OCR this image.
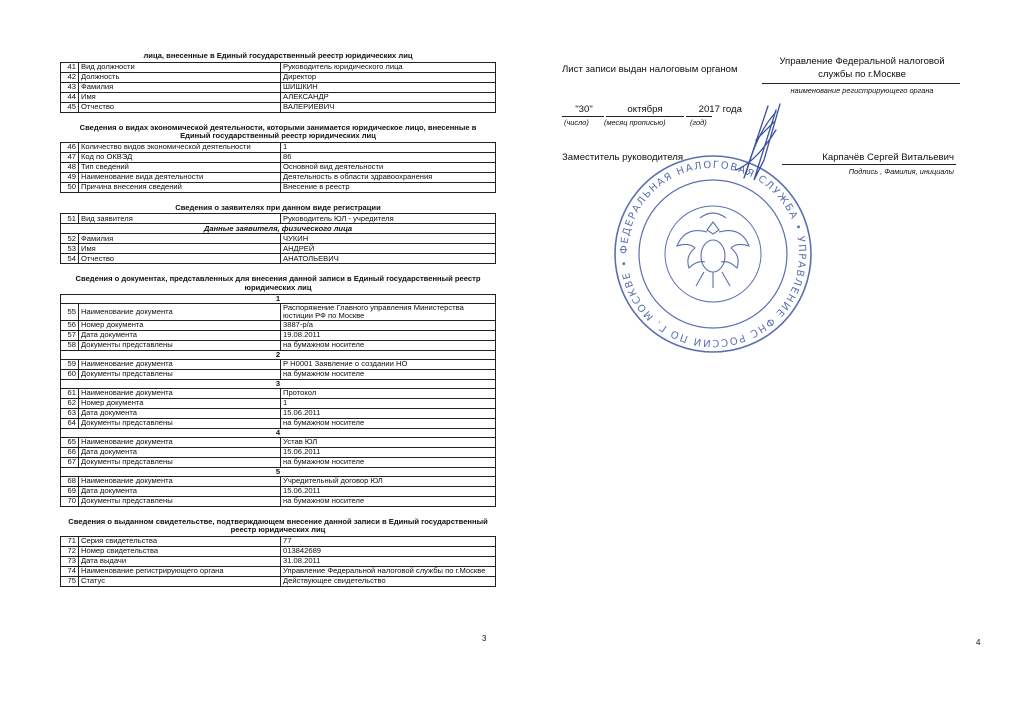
лица, внесенные в Единый государственный реестр юридических лиц
41	Вид должности	Руководитель юридического лица
42	Должность	Директор
43	Фамилия	ШИШКИН
44	Имя	АЛЕКСАНДР
45	Отчество	ВАЛЕРИЕВИЧ
Сведения о видах экономической деятельности, которыми занимается юридическое лицо, внесенные в Единый государственный реестр юридических лиц
46	Количество видов экономической деятельности	1
47	Код по ОКВЭД	86
48	Тип сведений	Основной вид деятельности
49	Наименование вида деятельности	Деятельность в области здравоохранения
50	Причина внесения сведений	Внесение в реестр
Сведения о заявителях при данном виде регистрации
51	Вид заявителя	Руководитель ЮЛ - учредителя
Данные заявителя, физического лица		
52	Фамилия	ЧУКИН
53	Имя	АНДРЕЙ
54	Отчество	АНАТОЛЬЕВИЧ
Сведения о документах, представленных для внесения данной записи в Единый государственный реестр юридических лиц
1		
55	Наименование документа	Распоряжение Главного управления Министерства юстиции РФ по Москве
56	Номер документа	3887-р/а
57	Дата документа	19.08.2011
58	Документы представлены	на бумажном носителе
2		
59	Наименование документа	Р Н0001 Заявление о создании НО
60	Документы представлены	на бумажном носителе
3		
61	Наименование документа	Протокол
62	Номер документа	1
63	Дата документа	15.06.2011
64	Документы представлены	на бумажном носителе
4		
65	Наименование документа	Устав ЮЛ
66	Дата документа	15.06.2011
67	Документы представлены	на бумажном носителе
5		
68	Наименование документа	Учредительный договор ЮЛ
69	Дата документа	15.06.2011
70	Документы представлены	на бумажном носителе
Сведения о выданном свидетельстве, подтверждающем внесение данной записи в Единый государственный реестр юридических лиц
71	Серия свидетельства	77
72	Номер свидетельства	013842689
73	Дата выдачи	31.08.2011
74	Наименование регистрирующего органа	Управление Федеральной налоговой службы по г.Москве
75	Статус	Действующее свидетельство
3
Лист записи выдан налоговым органом
Управление Федеральной налоговой
службы по г.Москве
наименование регистрирующего органа
"30"	октября	2017 года
(число) (месяц прописью)	(год)
Заместитель руководителя	Карпачёв Сергей Витальевич
Подпись , Фамилия, инициалы
ФЕДЕРАЛЬНАЯ НАЛОГОВАЯ СЛУЖБА • УПРАВЛЕНИЕ ФНС РОССИИ ПО Г. МОСКВЕ •
4
